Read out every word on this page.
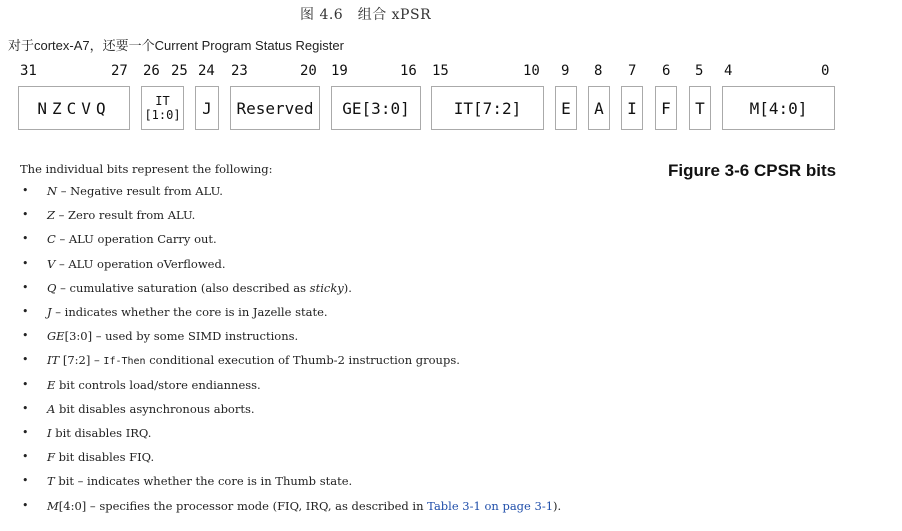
图 4.6　组合 xPSR
对于cortex-A7，还要一个Current Program Status Register
31	27 26 25 24 23	20 19	16 15	10 9 8 7 6 5 4	0
NZCVQ	IT
[1:0]	J	Reserved	GE[3:0]	IT[7:2]	E	A	I	F	T	M[4:0]
Figure 3-6 CPSR bits
The individual bits represent the following:
• N – Negative result from ALU.
• Z – Zero result from ALU.
• C – ALU operation Carry out.
• V – ALU operation oVerflowed.
• Q – cumulative saturation (also described as sticky).
• J – indicates whether the core is in Jazelle state.
• GE[3:0] – used by some SIMD instructions.
• IT [7:2] – If-Then conditional execution of Thumb-2 instruction groups.
• E bit controls load/store endianness.
• A bit disables asynchronous aborts.
• I bit disables IRQ.
• F bit disables FIQ.
• T bit – indicates whether the core is in Thumb state.
• M[4:0] – specifies the processor mode (FIQ, IRQ, as described in Table 3-1 on page 3-1).
